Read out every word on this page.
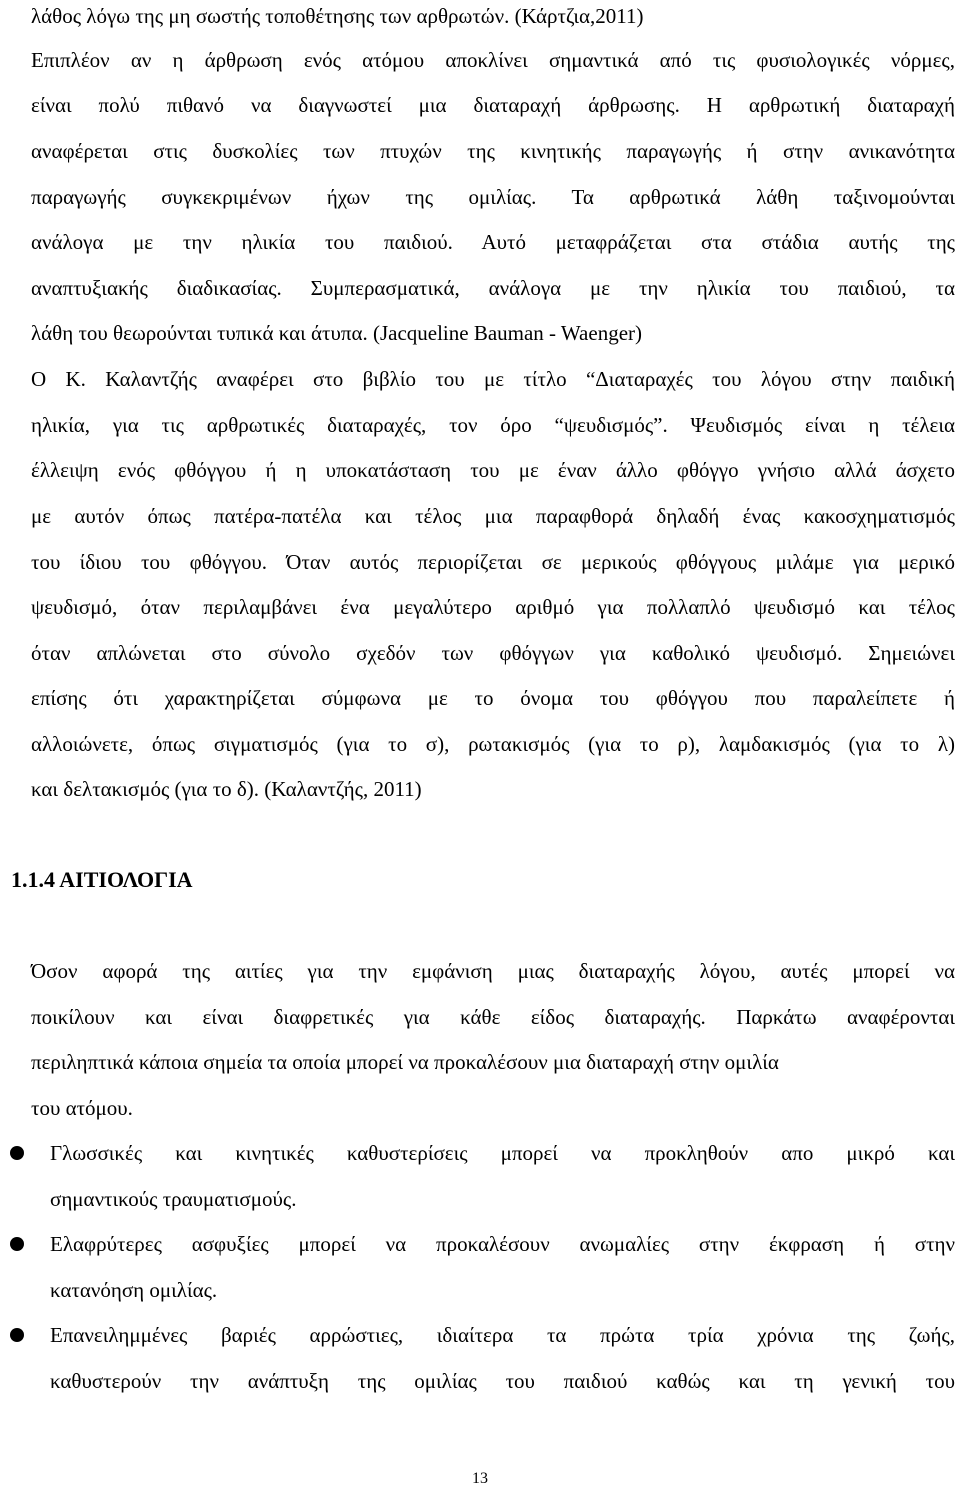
λάθος λόγω της μη σωστής τοποθέτησης των αρθρωτών. (Κάρτζια,2011)
Επιπλέον αν η άρθρωση ενός ατόμου αποκλίνει σημαντικά από τις φυσιολογικές νόρμες,
είναι πολύ πιθανό να διαγνωστεί μια διαταραχή άρθρωσης. Η αρθρωτική διαταραχή
αναφέρεται στις δυσκολίες των πτυχών της κινητικής παραγωγής ή στην ανικανότητα
παραγωγής συγκεκριμένων ήχων της ομιλίας. Τα αρθρωτικά λάθη ταξινομούνται
ανάλογα με την ηλικία του παιδιού. Αυτό μεταφράζεται στα στάδια αυτής της
αναπτυξιακής διαδικασίας. Συμπερασματικά, ανάλογα με την ηλικία του παιδιού, τα
λάθη του θεωρούνται τυπικά και άτυπα. (Jacqueline Bauman - Waenger)
Ο Κ. Καλαντζής αναφέρει στο βιβλίο του με τίτλο “Διαταραχές του λόγου στην παιδική
ηλικία, για τις αρθρωτικές διαταραχές, τον όρο “ψευδισμός”. Ψευδισμός είναι η τέλεια
έλλειψη ενός φθόγγου ή η υποκατάσταση του με έναν άλλο φθόγγο γνήσιο αλλά άσχετο
με αυτόν όπως πατέρα-πατέλα και τέλος μια παραφθορά δηλαδή ένας κακοσχηματισμός
του ίδιου του φθόγγου. Όταν αυτός περιορίζεται σε μερικούς φθόγγους μιλάμε για μερικό
ψευδισμό, όταν περιλαμβάνει ένα μεγαλύτερο αριθμό για πολλαπλό ψευδισμό και τέλος
όταν απλώνεται στο σύνολο σχεδόν των φθόγγων για καθολικό ψευδισμό. Σημειώνει
επίσης ότι χαρακτηρίζεται σύμφωνα με το όνομα του φθόγγου που παραλείπετε ή
αλλοιώνετε, όπως σιγματισμός (για το σ), ρωτακισμός (για το ρ), λαμδακισμός (για το λ)
και δελτακισμός (για το δ). (Καλαντζής, 2011)
1.1.4 ΑΙΤΙΟΛΟΓΙΑ
Όσον αφορά της αιτίες για την εμφάνιση μιας διαταραχής λόγου, αυτές μπορεί να
ποικίλουν και είναι διαφρετικές για κάθε είδος διαταραχής. Παρκάτω αναφέρονται
περιληπτικά κάποια σημεία τα οποία μπορεί να προκαλέσουν μια διαταραχή στην ομιλία
του ατόμου.
Γλωσσικές και κινητικές καθυστερίσεις μπορεί να προκληθούν απο μικρό και
σημαντικούς τραυματισμούς.
Ελαφρύτερες ασφυξίες μπορεί να προκαλέσουν ανωμαλίες στην έκφραση ή στην
κατανόηση ομιλίας.
Επανειλημμένες βαριές αρρώστιες, ιδιαίτερα τα πρώτα τρία χρόνια της ζωής,
καθυστερούν την ανάπτυξη της ομιλίας του παιδιού καθώς και τη γενική του
13
